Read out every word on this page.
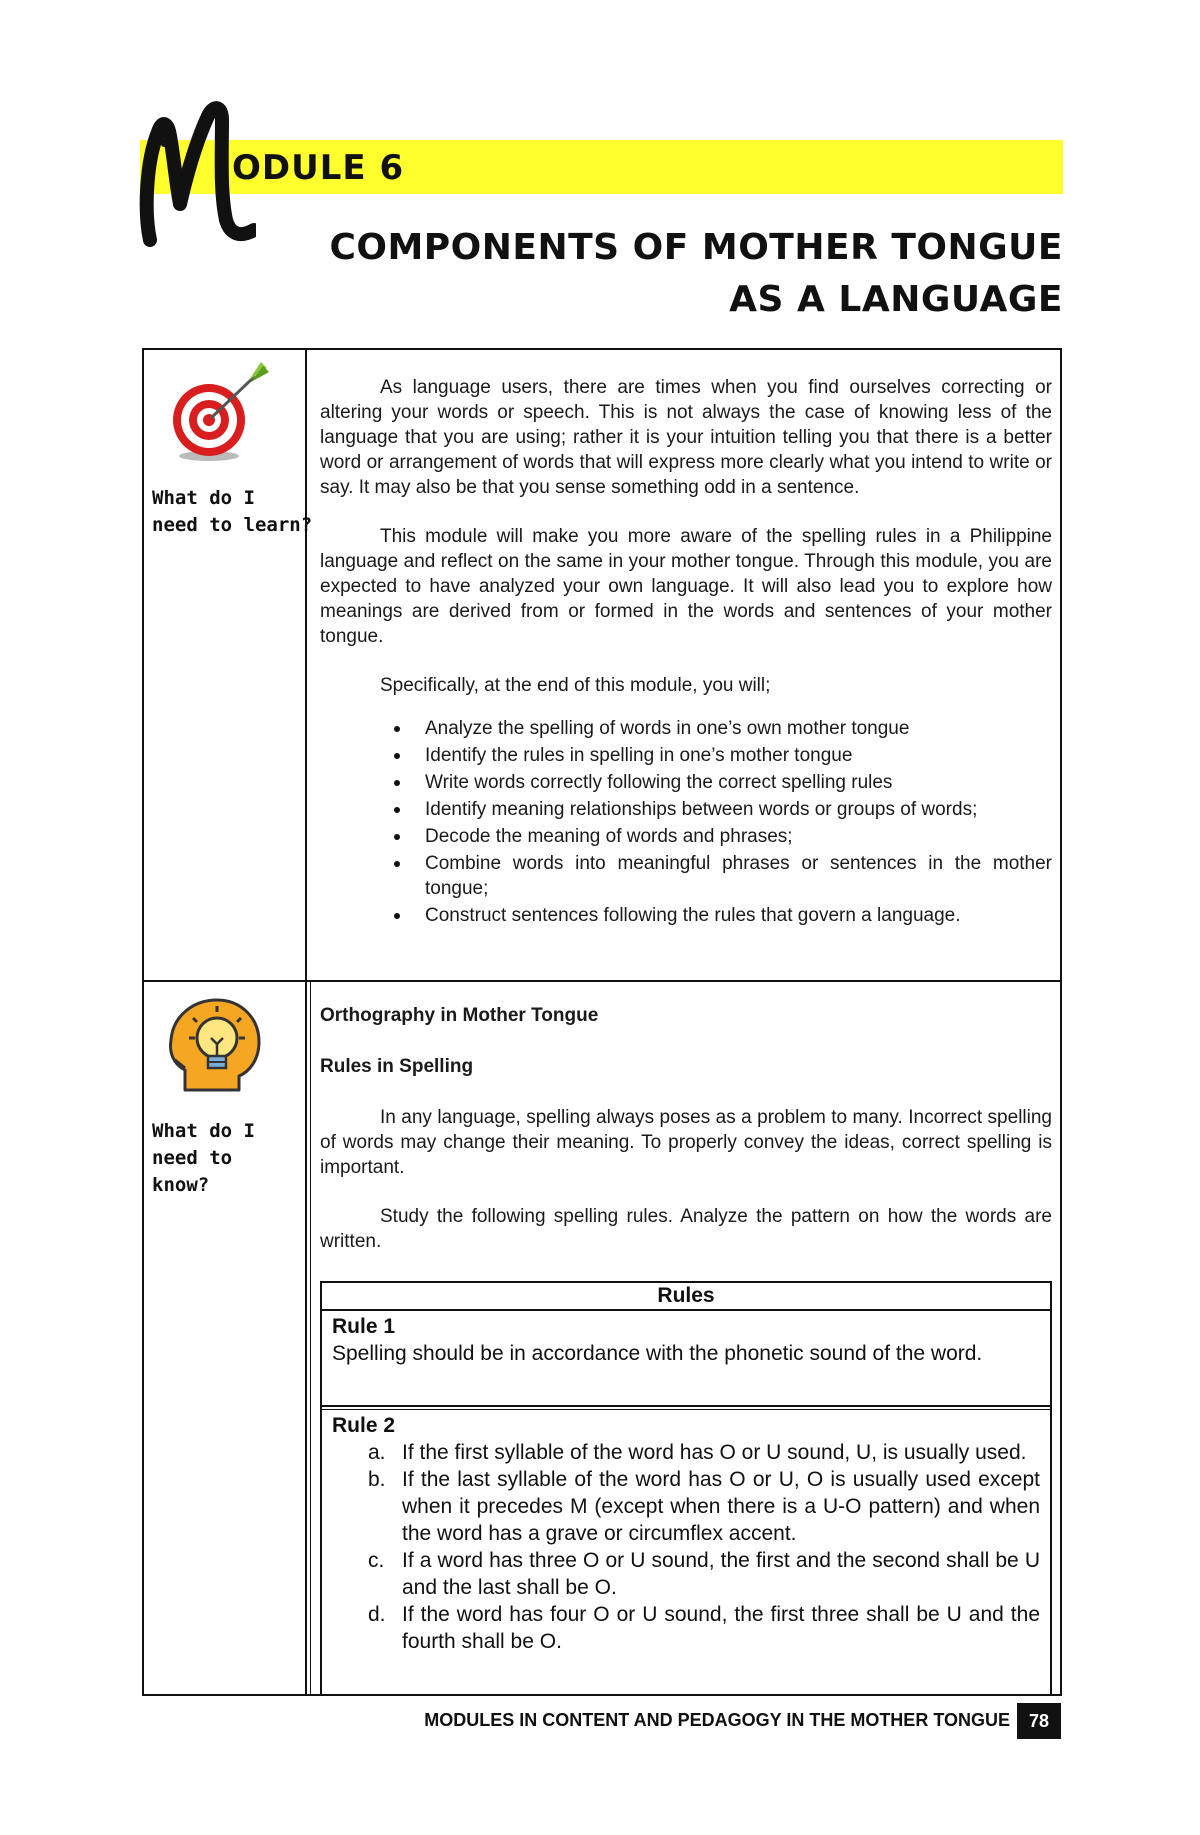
ODULE 6
COMPONENTS OF MOTHER TONGUE
AS A LANGUAGE
What do I
need to learn?

As language users, there are times when you find ourselves correcting or altering your words or speech. This is not always the case of knowing less of the language that you are using; rather it is your intuition telling you that there is a better word or arrangement of words that will express more clearly what you intend to write or say. It may also be that you sense something odd in a sentence.

This module will make you more aware of the spelling rules in a Philippine language and reflect on the same in your mother tongue. Through this module, you are expected to have analyzed your own language. It will also lead you to explore how meanings are derived from or formed in the words and sentences of your mother tongue.

Specifically, at the end of this module, you will;

Analyze the spelling of words in one’s own mother tongue
Identify the rules in spelling in one’s mother tongue
Write words correctly following the correct spelling rules
Identify meaning relationships between words or groups of words;
Decode the meaning of words and phrases;
Combine words into meaningful phrases or sentences in the mother tongue;
Construct sentences following the rules that govern a language.
What do I
need to
know?
Orthography in Mother Tongue
Rules in Spelling

In any language, spelling always poses as a problem to many. Incorrect spelling of words may change their meaning. To properly convey the ideas, correct spelling is important.

Study the following spelling rules. Analyze the pattern on how the words are written.

Rules
Rule 1
Spelling should be in accordance with the phonetic sound of the word.
Rule 2
a. If the first syllable of the word has O or U sound, U, is usually used.
b. If the last syllable of the word has O or U, O is usually used except when it precedes M (except when there is a U-O pattern) and when the word has a grave or circumflex accent.
c. If a word has three O or U sound, the first and the second shall be U and the last shall be O.
d. If the word has four O or U sound, the first three shall be U and the fourth shall be O.
MODULES IN CONTENT AND PEDAGOGY IN THE MOTHER TONGUE	78
